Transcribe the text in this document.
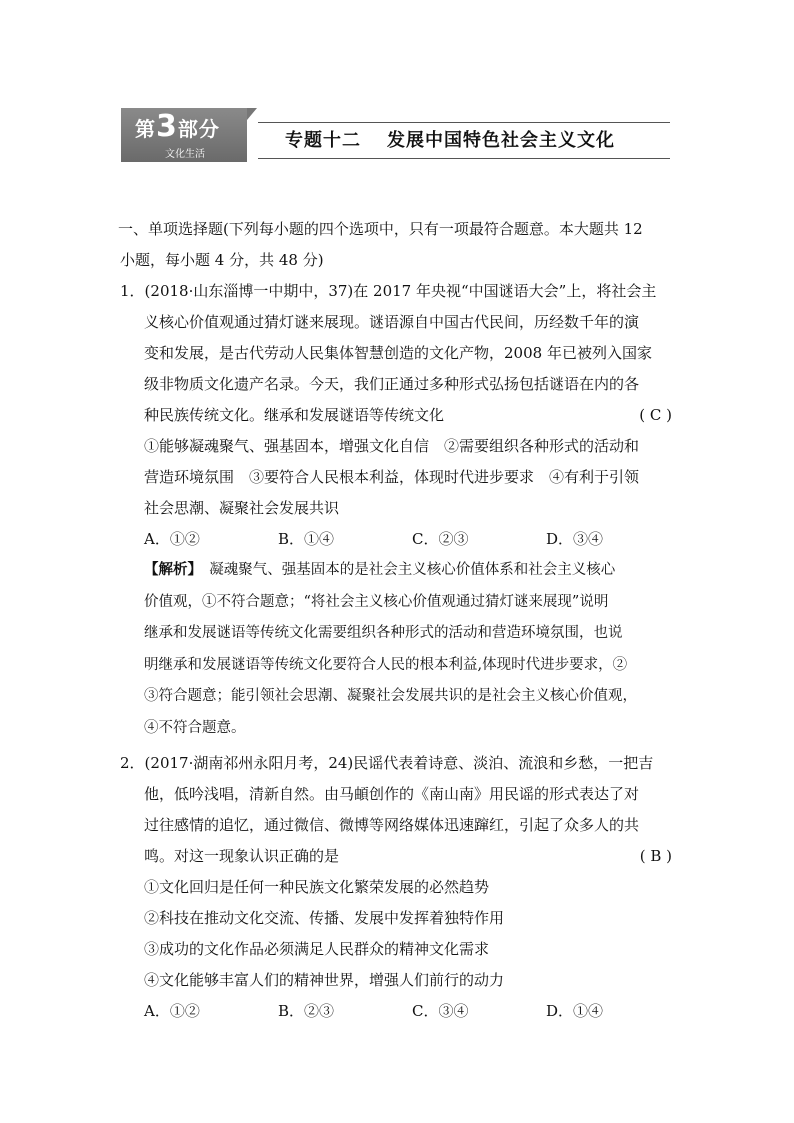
第3部分
文化生活
专题十二 发展中国特色社会主义文化
一、单项选择题(下列每小题的四个选项中，只有一项最符合题意。本大题共 12
小题，每小题 4 分，共 48 分)
1．(2018·山东淄博一中期中，37)在 2017 年央视“中国谜语大会”上，将社会主
义核心价值观通过猜灯谜来展现。谜语源自中国古代民间，历经数千年的演
变和发展，是古代劳动人民集体智慧创造的文化产物，2008 年已被列入国家
级非物质文化遗产名录。今天，我们正通过多种形式弘扬包括谜语在内的各
种民族传统文化。继承和发展谜语等传统文化	( C )
①能够凝魂聚气、强基固本，增强文化自信　②需要组织各种形式的活动和
营造环境氛围　③要符合人民根本利益，体现时代进步要求　④有利于引领
社会思潮、凝聚社会发展共识
A．①②	B．①④	C．②③	D．③④
【解析】　凝魂聚气、强基固本的是社会主义核心价值体系和社会主义核心
价值观，①不符合题意；“将社会主义核心价值观通过猜灯谜来展现”说明
继承和发展谜语等传统文化需要组织各种形式的活动和营造环境氛围，也说
明继承和发展谜语等传统文化要符合人民的根本利益,体现时代进步要求，②
③符合题意；能引领社会思潮、凝聚社会发展共识的是社会主义核心价值观，
④不符合题意。
2．(2017·湖南祁州永阳月考，24)民谣代表着诗意、淡泊、流浪和乡愁，一把吉
他，低吟浅唱，清新自然。由马頔创作的《南山南》用民谣的形式表达了对
过往感情的追忆，通过微信、微博等网络媒体迅速蹿红，引起了众多人的共
鸣。对这一现象认识正确的是	( B )
①文化回归是任何一种民族文化繁荣发展的必然趋势
②科技在推动文化交流、传播、发展中发挥着独特作用
③成功的文化作品必须满足人民群众的精神文化需求
④文化能够丰富人们的精神世界，增强人们前行的动力
A．①②	B．②③	C．③④	D．①④
